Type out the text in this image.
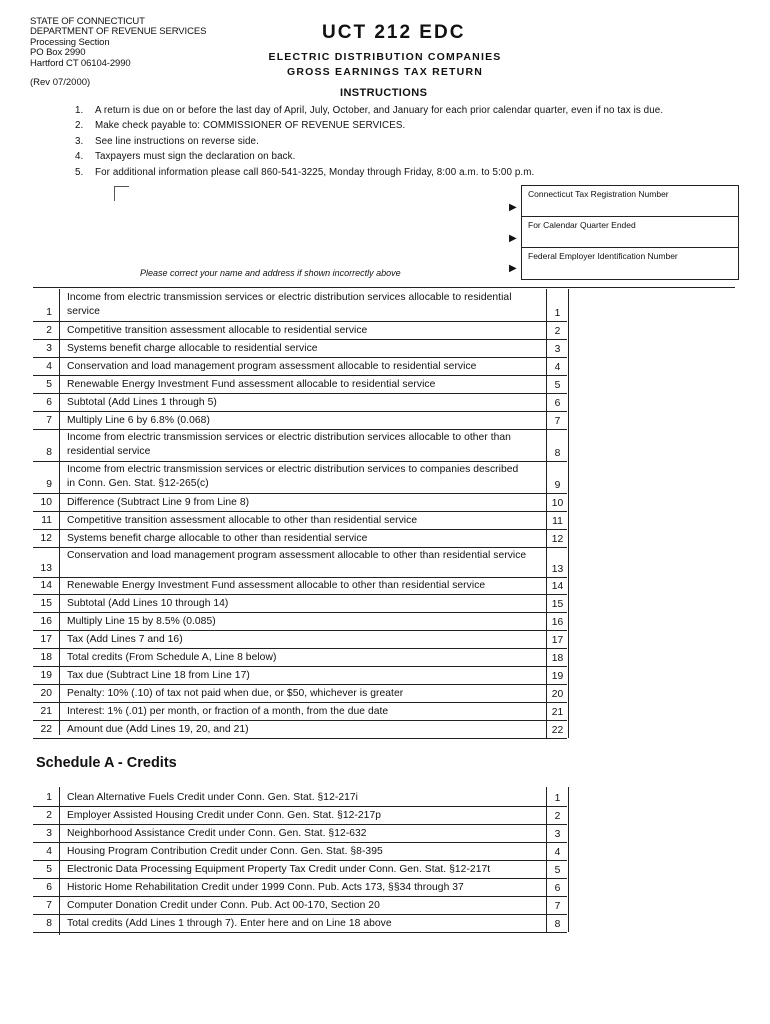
STATE OF CONNECTICUT
DEPARTMENT OF REVENUE SERVICES
Processing Section
PO Box 2990
Hartford CT 06104-2990
(Rev 07/2000)
UCT 212 EDC
ELECTRIC DISTRIBUTION COMPANIES
GROSS EARNINGS TAX RETURN
INSTRUCTIONS
1. A return is due on or before the last day of April, July, October, and January for each prior calendar quarter, even if no tax is due.
2. Make check payable to: COMMISSIONER OF REVENUE SERVICES.
3. See line instructions on reverse side.
4. Taxpayers must sign the declaration on back.
5. For additional information please call 860-541-3225, Monday through Friday, 8:00 a.m. to 5:00 p.m.
Please correct your name and address if shown incorrectly above
▶
▶
▶
Connecticut Tax Registration Number
For Calendar Quarter Ended
Federal Employer Identification Number
1
Income from electric transmission services or electric distribution services allocable to residential service	1
2 Competitive transition assessment allocable to residential service	2
3 Systems benefit charge allocable to residential service	3
4 Conservation and load management program assessment allocable to residential service	4
5 Renewable Energy Investment Fund assessment allocable to residential service	5
6 Subtotal (Add Lines 1 through 5)	6
7 Multiply Line 6 by 6.8% (0.068)	7
8
Income from electric transmission services or electric distribution services allocable to other than residential service	8
9
Income from electric transmission services or electric distribution services to companies described in Conn. Gen. Stat. §12-265(c)	9
10 Difference (Subtract Line 9 from Line 8)	10
11 Competitive transition assessment allocable to other than residential service	11
12 Systems benefit charge allocable to other than residential service	12
13
Conservation and load management program assessment allocable to other than residential service
13
14 Renewable Energy Investment Fund assessment allocable to other than residential service	14
15 Subtotal (Add Lines 10 through 14)	15
16 Multiply Line 15 by 8.5% (0.085)	16
17 Tax (Add Lines 7 and 16)	17
18 Total credits (From Schedule A, Line 8 below)	18
19 Tax due (Subtract Line 18 from Line 17)	19
20 Penalty: 10% (.10) of tax not paid when due, or $50, whichever is greater	20
21 Interest: 1% (.01) per month, or fraction of a month, from the due date	21
22 Amount due (Add Lines 19, 20, and 21)	22
Schedule A - Credits
1 Clean Alternative Fuels Credit under Conn. Gen. Stat. §12-217i	1
2 Employer Assisted Housing Credit under Conn. Gen. Stat. §12-217p	2
3 Neighborhood Assistance Credit under Conn. Gen. Stat. §12-632	3
4 Housing Program Contribution Credit under Conn. Gen. Stat. §8-395	4
5 Electronic Data Processing Equipment Property Tax Credit under Conn. Gen. Stat. §12-217t	5
6 Historic Home Rehabilitation Credit under 1999 Conn. Pub. Acts 173, §§34 through 37	6
7 Computer Donation Credit under Conn. Pub. Act 00-170, Section 20	7
8 Total credits (Add Lines 1 through 7). Enter here and on Line 18 above	8
